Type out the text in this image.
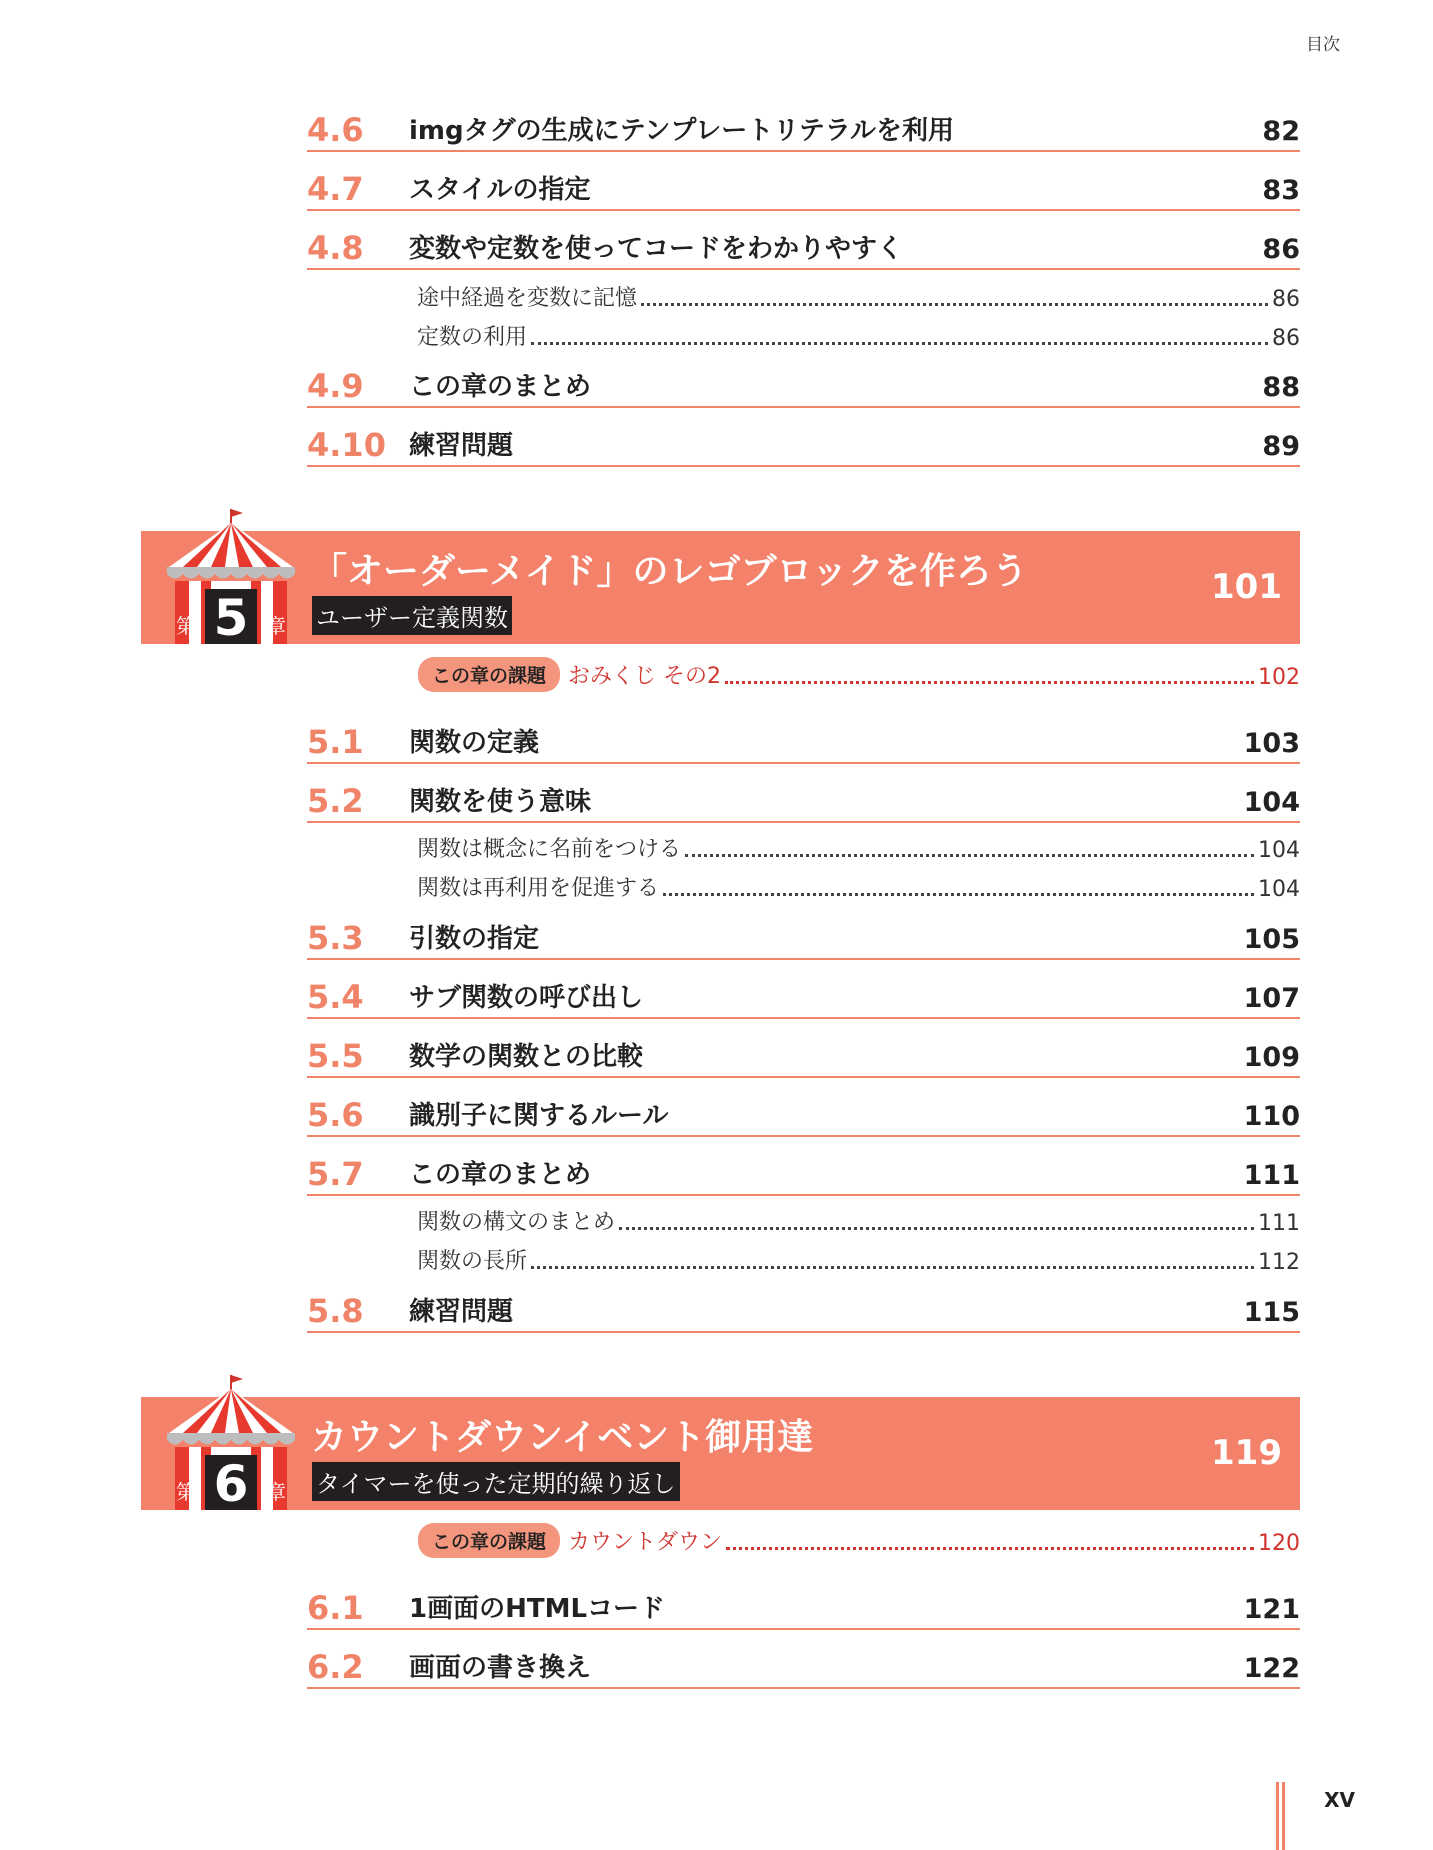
目次
4.6 imgタグの生成にテンプレートリテラルを利用	82
4.7 スタイルの指定	83
4.8 変数や定数を使ってコードをわかりやすく	86
途中経過を変数に記憶	86
定数の利用	86
4.9 この章のまとめ	88
4.10 練習問題	89
5
第	章
「オーダーメイド」のレゴブロックを作ろう
ユーザー定義関数
101
この章の課題	おみくじ その2	102
5.1 関数の定義	103
5.2 関数を使う意味	104
関数は概念に名前をつける	104
関数は再利用を促進する	104
5.3 引数の指定	105
5.4 サブ関数の呼び出し	107
5.5 数学の関数との比較	109
5.6 識別子に関するルール	110
5.7 この章のまとめ	111
関数の構文のまとめ	111
関数の長所	112
5.8 練習問題	115
6
第	章
カウントダウンイベント御用達
タイマーを使った定期的繰り返し
119
この章の課題	カウントダウン	120
6.1 1画面のHTMLコード	121
6.2 画面の書き換え	122
XV
